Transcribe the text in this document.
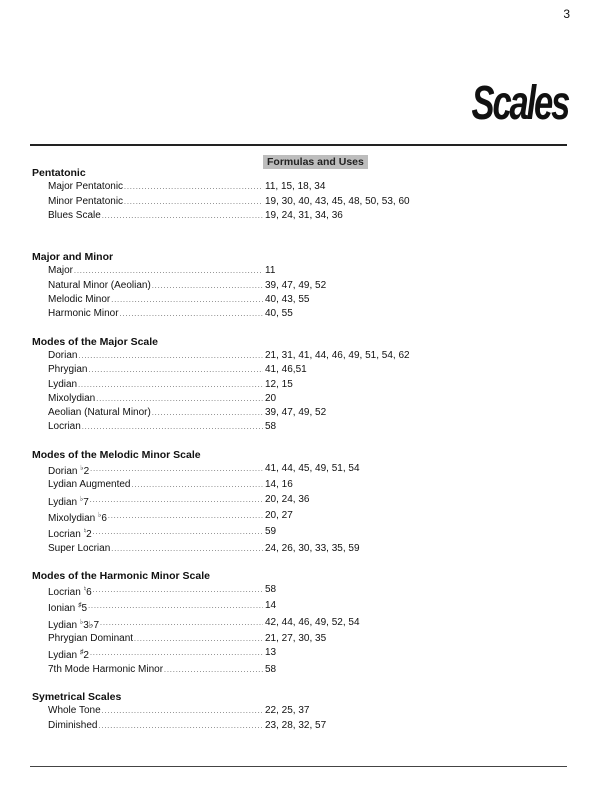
3
Scales
Formulas and Uses
Pentatonic
Major Pentatonic .....	11, 15, 18, 34
Minor Pentatonic .....	19, 30, 40, 43, 45, 48, 50, 53, 60
Blues Scale .....	19, 24, 31, 34, 36
Major and Minor
Major .....	11
Natural Minor (Aeolian) .....	39, 47, 49, 52
Melodic Minor .....	40, 43, 55
Harmonic Minor .....	40, 55
Modes of the Major Scale
Dorian .....	21, 31, 41, 44, 46, 49, 51, 54, 62
Phrygian .....	41, 46,51
Lydian .....	12, 15
Mixolydian .....	20
Aeolian (Natural Minor) .....	39, 47, 49, 52
Locrian .....	58
Modes of the Melodic Minor Scale
Dorian ♭2 .....	41, 44, 45, 49, 51, 54
Lydian Augmented .....	14, 16
Lydian ♭7 .....	20, 24, 36
Mixolydian ♭6 .....	20, 27
Locrian ♮2 .....	59
Super Locrian .....	24, 26, 30, 33, 35, 59
Modes of the Harmonic Minor Scale
Locrian ♮6 .....	58
Ionian ♯5 .....	14
Lydian ♭3♭7 .....	42, 44, 46, 49, 52, 54
Phrygian Dominant .....	21, 27, 30, 35
Lydian ♯2 .....	13
7th Mode Harmonic Minor .....	58
Symetrical Scales
Whole Tone .....	22, 25, 37
Diminished .....	23, 28, 32, 57
